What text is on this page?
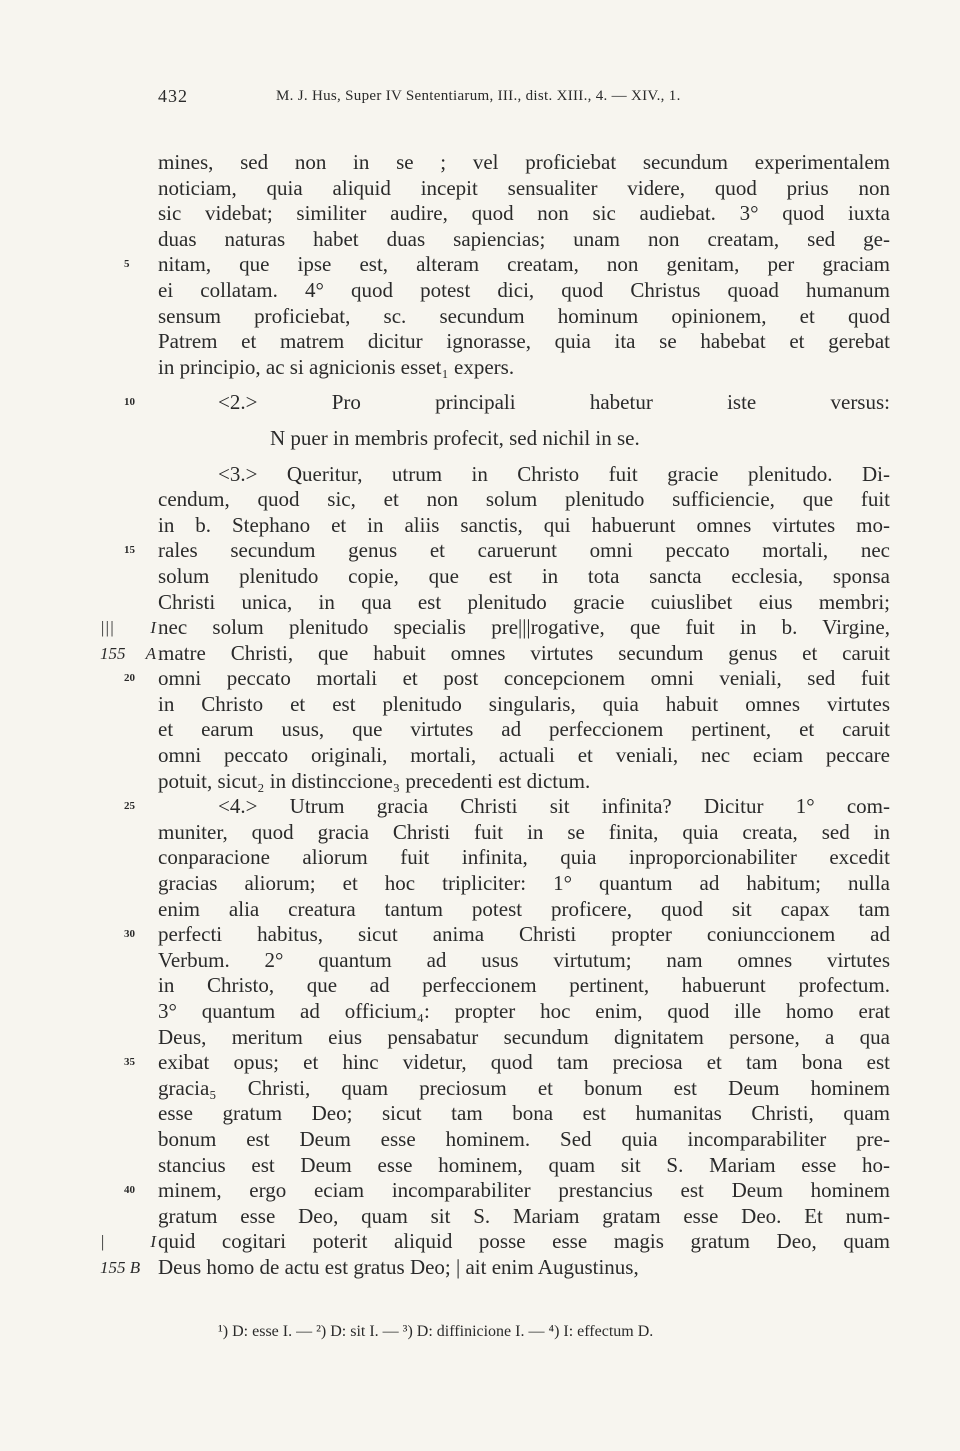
432	M. J. Hus, Super IV Sententiarum, III., dist. XIII., 4. — XIV., 1.
mines, sed non in se ; vel proficiebat secundum experimentalem
noticiam, quia aliquid incepit sensualiter videre, quod prius non
sic videbat; similiter audire, quod non sic audiebat. 3° quod iuxta
duas naturas habet duas sapiencias; unam non creatam, sed ge-
5	nitam, que ipse est, alteram creatam, non genitam, per graciam
ei collatam. 4° quod potest dici, quod Christus quoad humanum
sensum proficiebat, sc. secundum hominum opinionem, et quod
Patrem et matrem dicitur ignorasse, quia ita se habebat et gerebat
in principio, ac si agnicionis esset₁ expers.
10	<2.> Pro principali habetur iste versus:
N puer in membris profecit, sed nichil in se.
<3.> Queritur, utrum in Christo fuit gracie plenitudo. Di-
cendum, quod sic, et non solum plenitudo sufficiencie, que fuit
in b. Stephano et in aliis sanctis, qui habuerunt omnes virtutes mo-
15	rales secundum genus et caruerunt omni peccato mortali, nec
solum plenitudo copie, que est in tota sancta ecclesia, sponsa
Christi unica, in qua est plenitudo gracie cuiuslibet eius membri;
||| I nec solum plenitudo specialis pre|||rogative, que fuit in b. Virgine,
155 A matre Christi, que habuit omnes virtutes secundum genus et caruit
20	omni peccato mortali et post concepcionem omni veniali, sed fuit
in Christo et est plenitudo singularis, quia habuit omnes virtutes
et earum usus, que virtutes ad perfeccionem pertinent, et caruit
omni peccato originali, mortali, actuali et veniali, nec eciam peccare
potuit, sicut₂ in distinccione₃ precedenti est dictum.
25	<4.> Utrum gracia Christi sit infinita? Dicitur 1° com-
muniter, quod gracia Christi fuit in se finita, quia creata, sed in
conparacione aliorum fuit infinita, quia inproporcionabiliter excedit
gracias aliorum; et hoc tripliciter: 1° quantum ad habitum; nulla
enim alia creatura tantum potest proficere, quod sit capax tam
30	perfecti habitus, sicut anima Christi propter coniunccionem ad
Verbum. 2° quantum ad usus virtutum; nam omnes virtutes
in Christo, que ad perfeccionem pertinent, habuerunt profectum.
3° quantum ad officium₄: propter hoc enim, quod ille homo erat
Deus, meritum eius pensabatur secundum dignitatem persone, a qua
35	exibat opus; et hinc videtur, quod tam preciosa et tam bona est
gracia₅ Christi, quam preciosum et bonum est Deum hominem
esse gratum Deo; sicut tam bona est humanitas Christi, quam
bonum est Deum esse hominem. Sed quia incomparabiliter pre-
stancius est Deum esse hominem, quam sit S. Mariam esse ho-
40	minem, ergo eciam incomparabiliter prestancius est Deum hominem
gratum esse Deo, quam sit S. Mariam gratam esse Deo. Et num-
| I quid cogitari poterit aliquid posse esse magis gratum Deo, quam
155 B Deus homo de actu est gratus Deo; | ait enim Augustinus,
¹) D: esse I. — ²) D: sit I. — ³) D: diffinicione I. — ⁴) I: effectum D.
